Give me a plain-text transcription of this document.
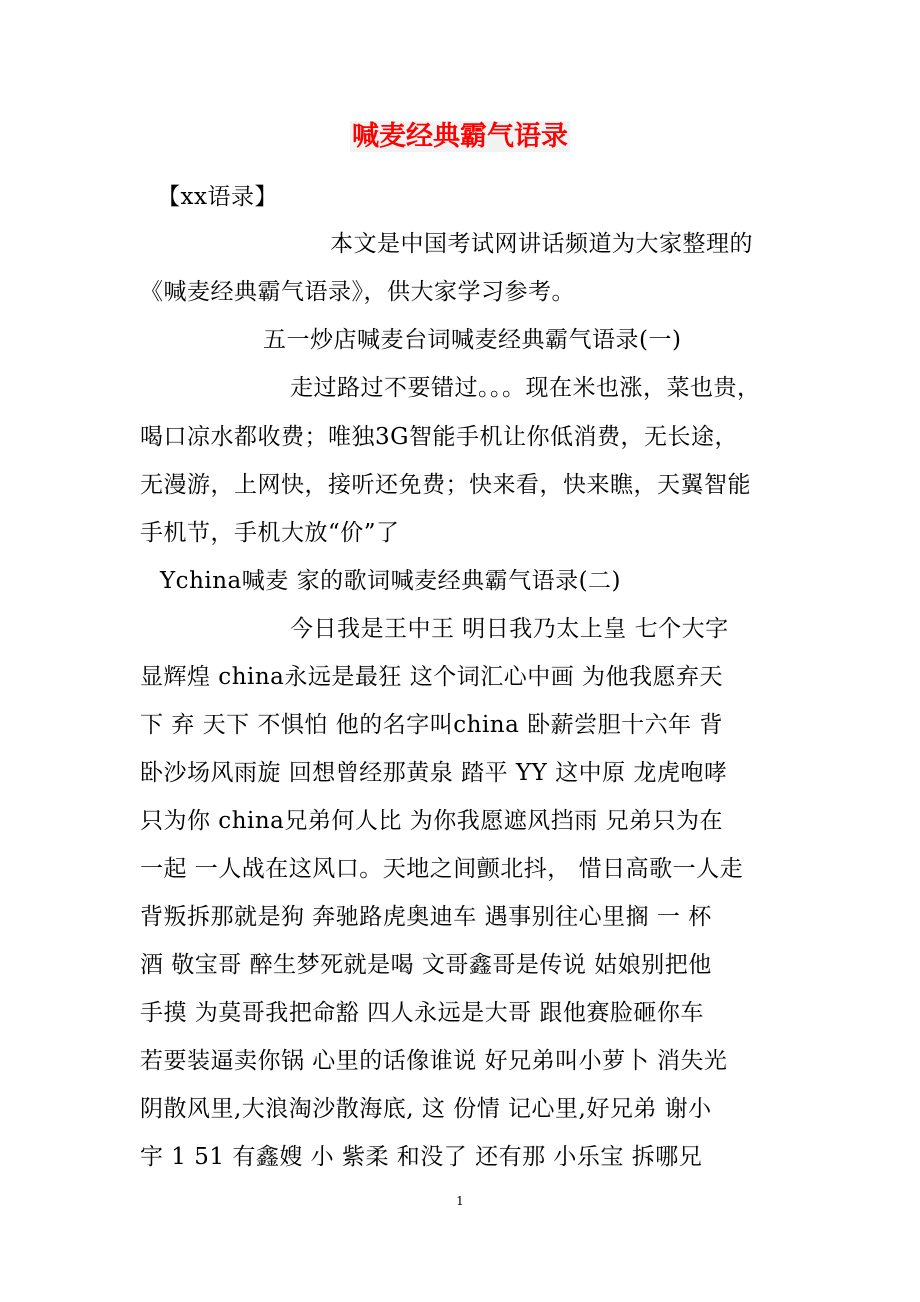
喊麦经典霸气语录
【xx语录】
本文是中国考试网讲话频道为大家整理的
《喊麦经典霸气语录》，供大家学习参考。
五一炒店喊麦台词喊麦经典霸气语录(一)
走过路过不要错过。。。现在米也涨，菜也贵，
喝口凉水都收费；唯独3G智能手机让你低消费，无长途，
无漫游，上网快，接听还免费；快来看，快来瞧，天翼智能
手机节，手机大放“价”了
Ychina喊麦 家的歌词喊麦经典霸气语录(二)
今日我是王中王 明日我乃太上皇 七个大字
显辉煌 china永远是最狂 这个词汇心中画 为他我愿弃天
下 弃 天下 不惧怕 他的名字叫china 卧薪尝胆十六年 背
卧沙场风雨旋 回想曾经那黄泉 踏平 YY 这中原 龙虎咆哮
只为你 china兄弟何人比 为你我愿遮风挡雨 兄弟只为在
一起 一人战在这风口。天地之间颤北抖， 惜日高歌一人走
背叛拆那就是狗 奔驰路虎奥迪车 遇事别往心里搁 一 杯
酒 敬宝哥 醉生梦死就是喝 文哥鑫哥是传说 姑娘别把他
手摸 为莫哥我把命豁 四人永远是大哥 跟他赛脸砸你车
若要装逼卖你锅 心里的话像谁说 好兄弟叫小萝卜 消失光
阴散风里,大浪淘沙散海底, 这 份情 记心里,好兄弟 谢小
宇 1 51 有鑫嫂 小 紫柔 和没了 还有那 小乐宝 拆哪兄
1
